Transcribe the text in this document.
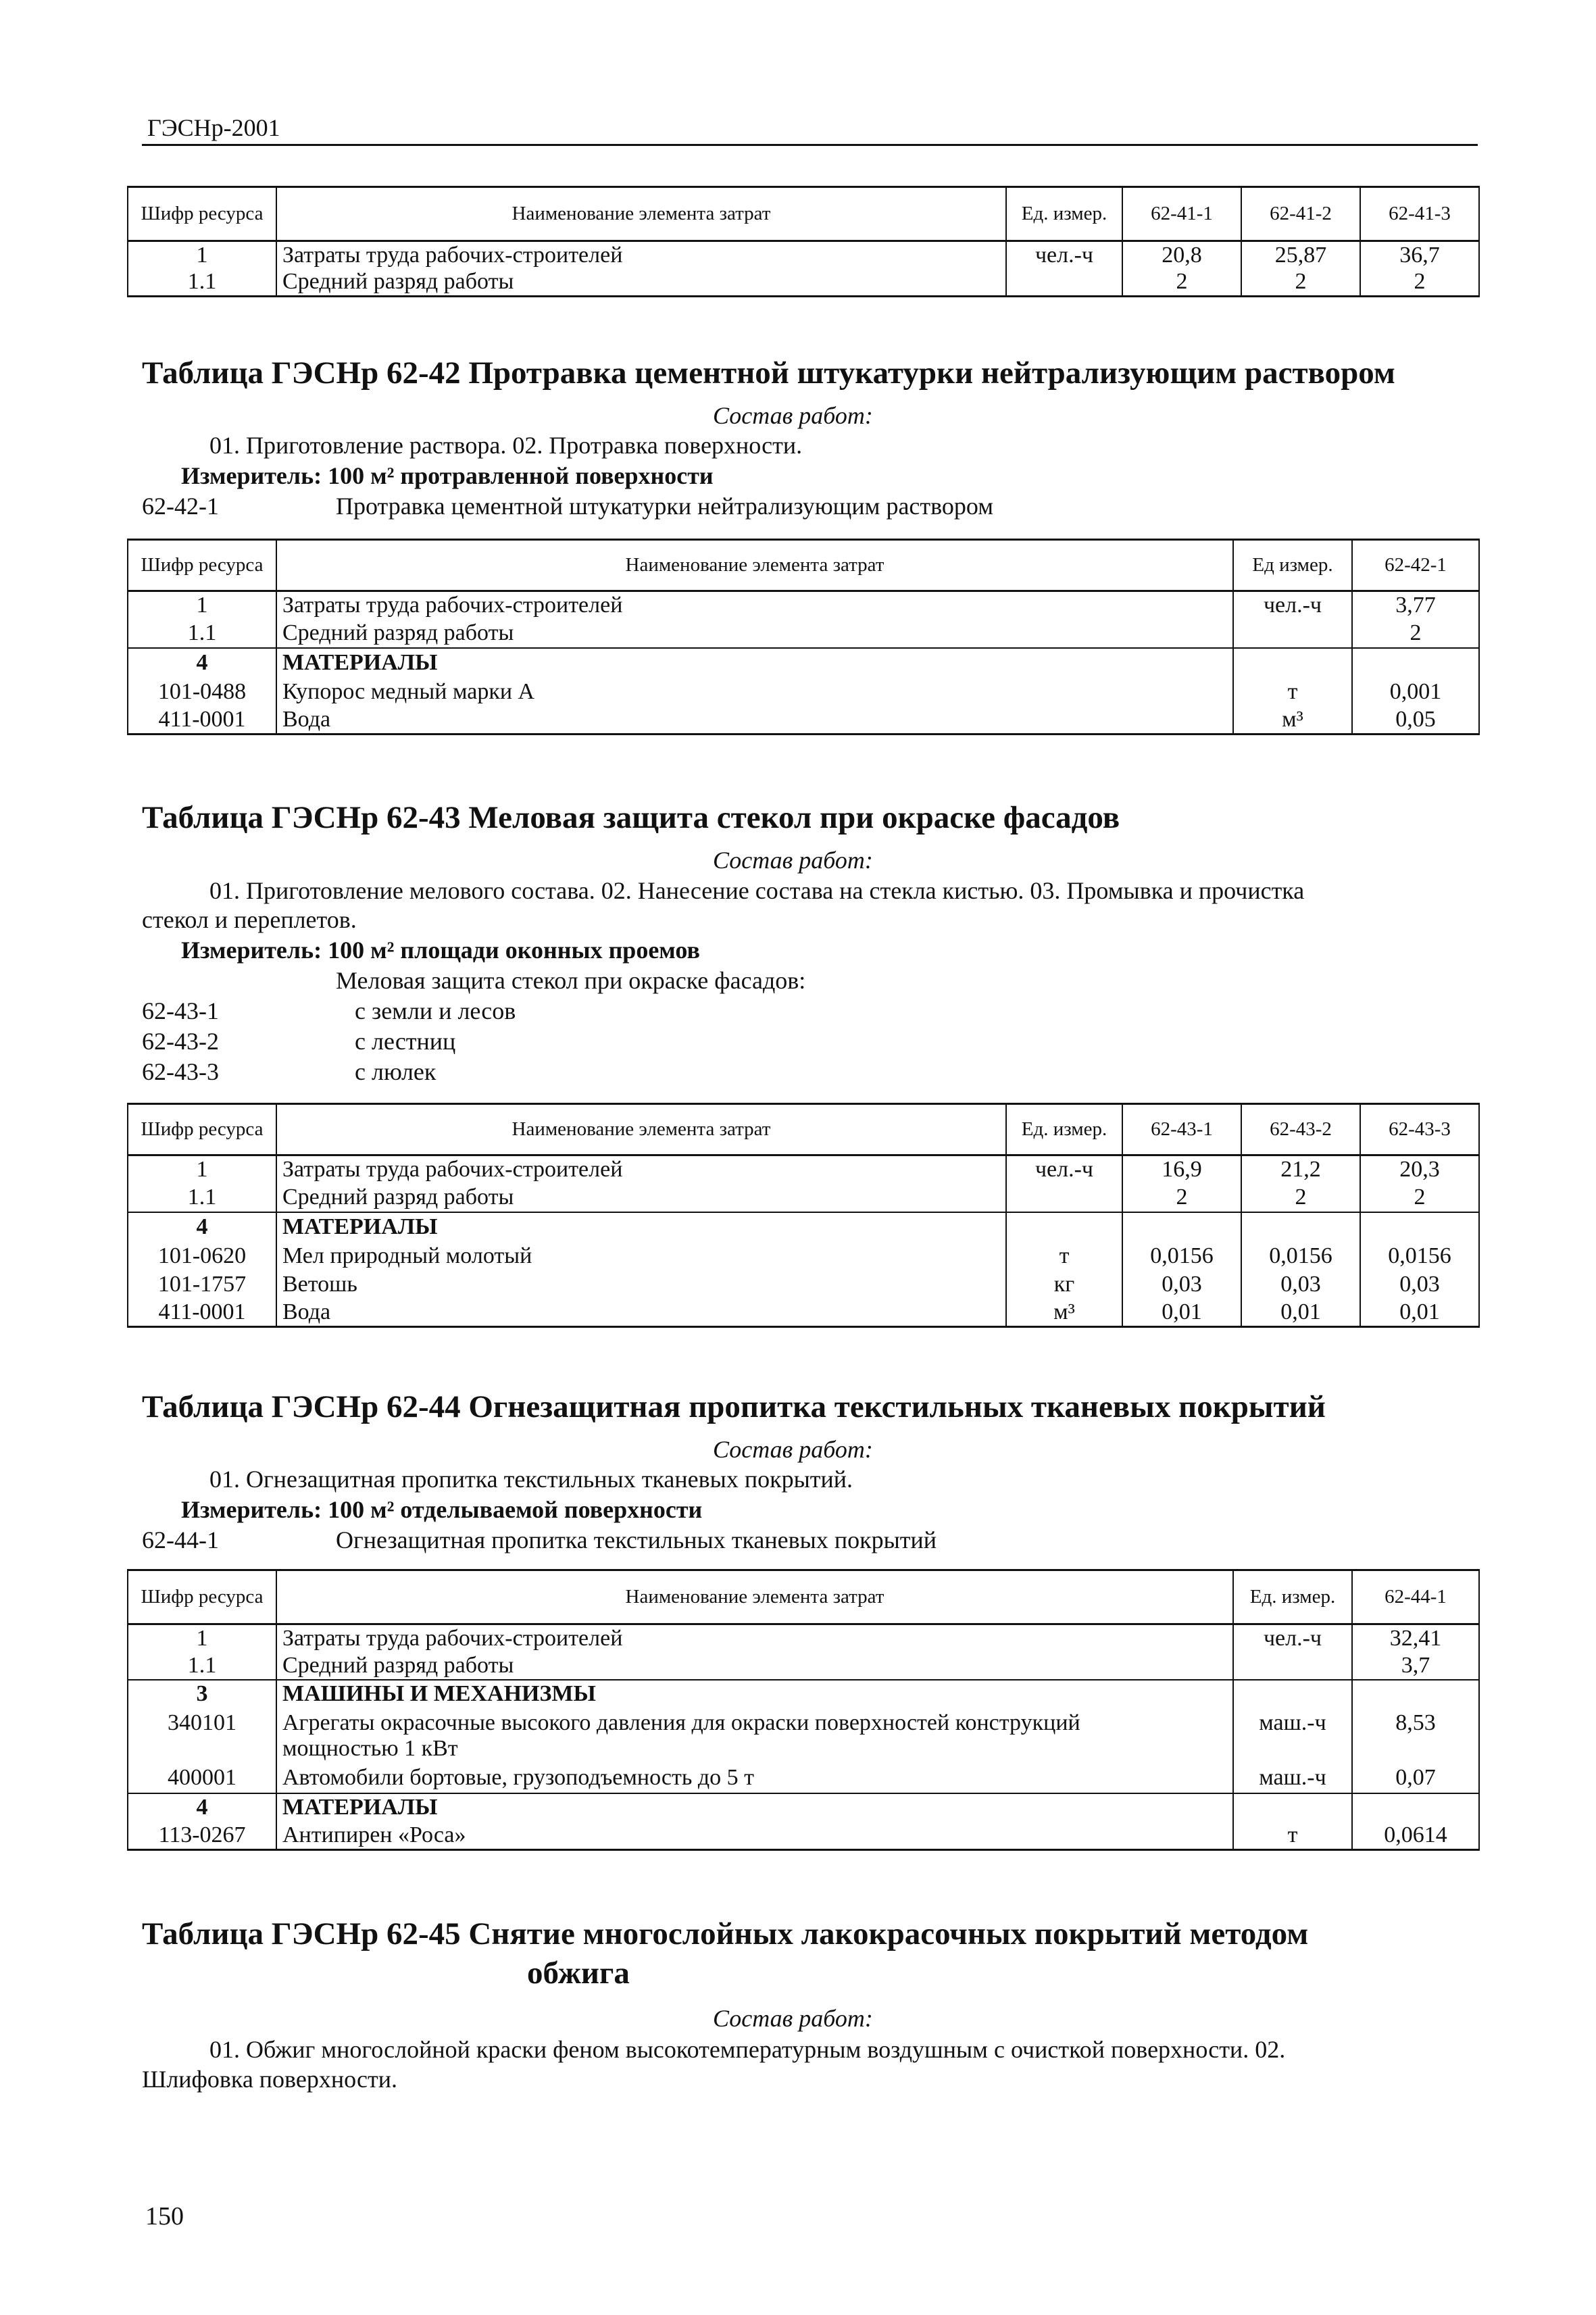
ГЭСНр-2001
Шифр ресурса	Наименование элемента затрат	Ед. измер.	62-41-1	62-41-2	62-41-3
1	Затраты труда рабочих-строителей	чел.-ч	20,8	25,87	36,7
1.1	Средний разряд работы		2	2	2
Таблица ГЭСНр 62-42 Протравка цементной штукатурки нейтрализующим раствором
Состав работ:
01. Приготовление раствора. 02. Протравка поверхности.
Измеритель: 100 м² протравленной поверхности
62-42-1	Протравка цементной штукатурки нейтрализующим раствором
Шифр ресурса	Наименование элемента затрат	Ед измер.	62-42-1
1	Затраты труда рабочих-строителей	чел.-ч	3,77
1.1	Средний разряд работы		2
4	МАТЕРИАЛЫ		
101-0488	Купорос медный марки А	т	0,001
411-0001	Вода	м³	0,05
Таблица ГЭСНр 62-43 Меловая защита стекол при окраске фасадов
Состав работ:
01. Приготовление мелового состава. 02. Нанесение состава на стекла кистью. 03. Промывка и прочистка
стекол и переплетов.
Измеритель: 100 м² площади оконных проемов
Меловая защита стекол при окраске фасадов:
62-43-1	с земли и лесов
62-43-2	с лестниц
62-43-3	с люлек
Шифр ресурса	Наименование элемента затрат	Ед. измер.	62-43-1	62-43-2	62-43-3
1	Затраты труда рабочих-строителей	чел.-ч	16,9	21,2	20,3
1.1	Средний разряд работы		2	2	2
4	МАТЕРИАЛЫ				
101-0620	Мел природный молотый	т	0,0156	0,0156	0,0156
101-1757	Ветошь	кг	0,03	0,03	0,03
411-0001	Вода	м³	0,01	0,01	0,01
Таблица ГЭСНр 62-44 Огнезащитная пропитка текстильных тканевых покрытий
Состав работ:
01. Огнезащитная пропитка текстильных тканевых покрытий.
Измеритель: 100 м² отделываемой поверхности
62-44-1	Огнезащитная пропитка текстильных тканевых покрытий
Шифр ресурса	Наименование элемента затрат	Ед. измер.	62-44-1
1	Затраты труда рабочих-строителей	чел.-ч	32,41
1.1	Средний разряд работы		3,7
3	МАШИНЫ И МЕХАНИЗМЫ		
340101	Агрегаты окрасочные высокого давления для окраски поверхностей конструкций
мощностью 1 кВт	маш.-ч	8,53
400001	Автомобили бортовые, грузоподъемность до 5 т	маш.-ч	0,07
4	МАТЕРИАЛЫ		
113-0267	Антипирен «Роса»	т	0,0614
Таблица ГЭСНр 62-45 Снятие многослойных лакокрасочных покрытий методом
обжига
Состав работ:
01. Обжиг многослойной краски феном высокотемпературным воздушным с очисткой поверхности. 02.
Шлифовка поверхности.
150
